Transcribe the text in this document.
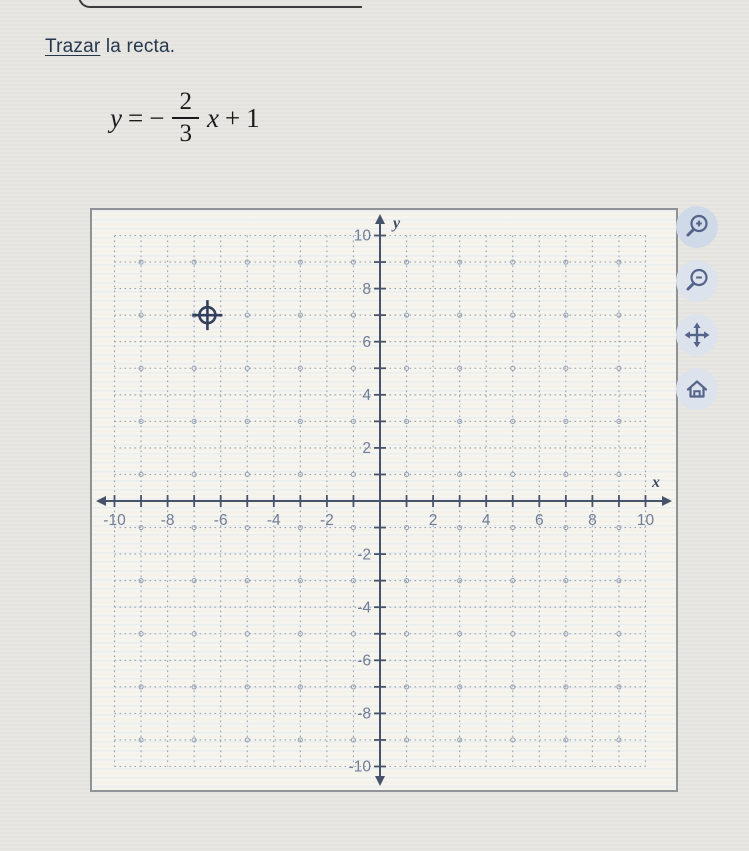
Trazar la recta.
y = − $\frac{2}{3}$ x + 1
-10 -8	-6	-4	-2	2	4	6	8	10
10
8
6
4
2
-2
-4
-6
-8
-10
y
x
